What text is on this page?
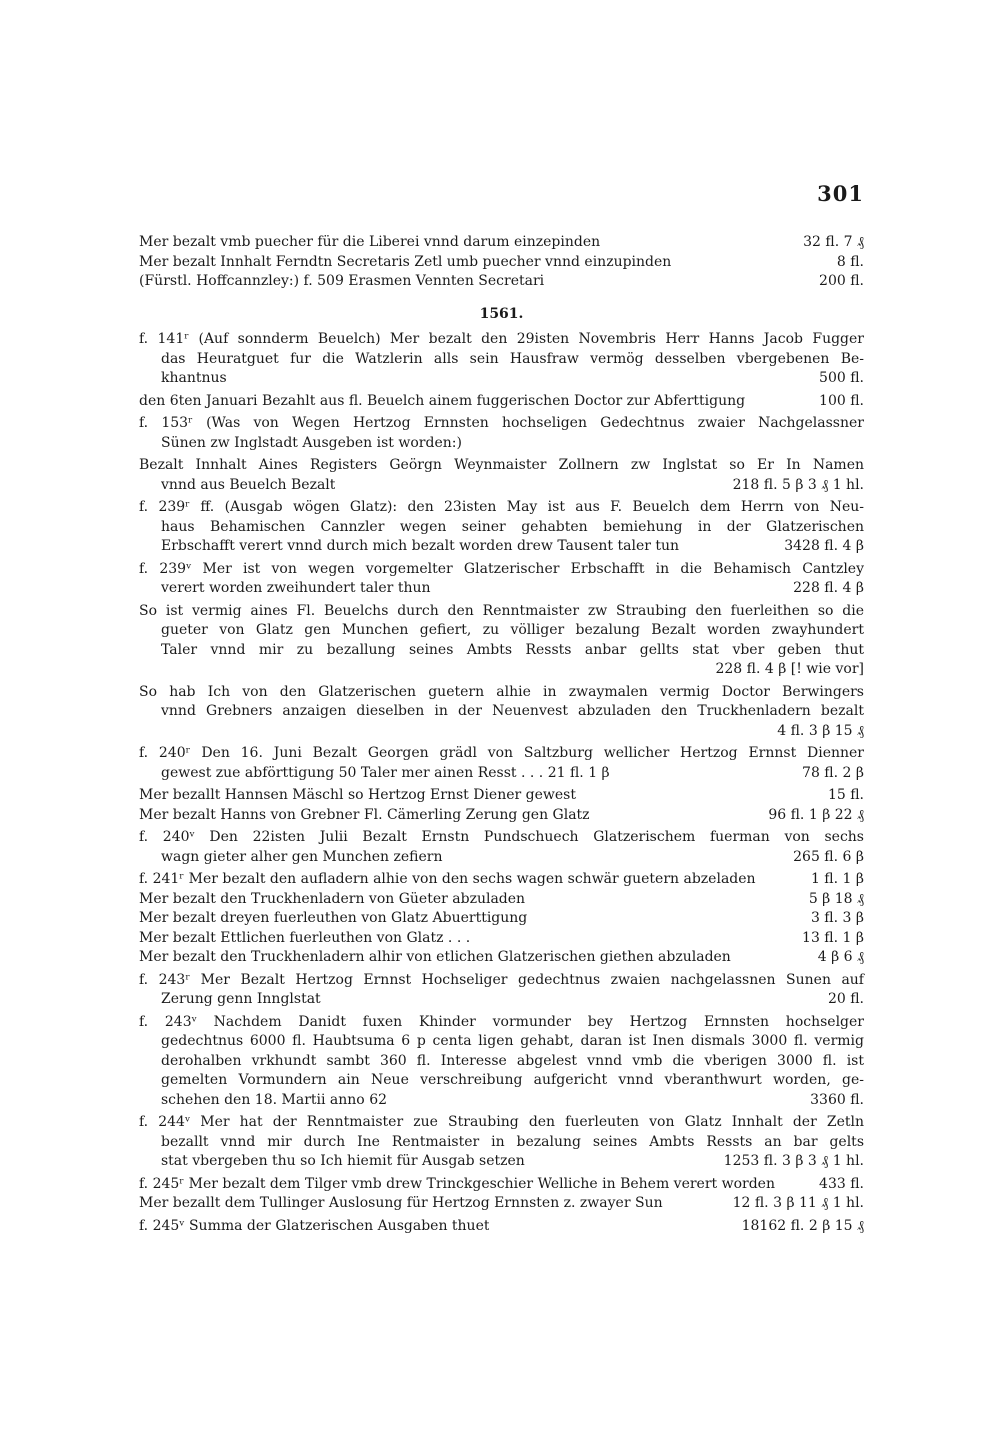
301
Mer bezalt vmb puecher für die Liberei vnnd darum einzepinden	32 fl. 7 ₰
Mer bezalt Innhalt Ferndtn Secretaris Zetl umb puecher vnnd einzupinden	8 fl.
(Fürstl. Hoffcannzley:) f. 509 Erasmen Vennten Secretari	200 fl.
1561.
f. 141ʳ (Auf sonnderm Beuelch) Mer bezalt den 29isten Novembris Herr Hanns Jacob Fugger
das Heuratguet fur die Watzlerin alls sein Hausfraw vermög desselben vbergebenen Be-
khantnus	500 fl.
den 6ten Januari Bezahlt aus fl. Beuelch ainem fuggerischen Doctor zur Abferttigung	100 fl.
f. 153ʳ (Was von Wegen Hertzog Ernnsten hochseligen Gedechtnus zwaier Nachgelassner
Sünen zw Inglstadt Ausgeben ist worden:)
Bezalt Innhalt Aines Registers Geörgn Weynmaister Zollnern zw Inglstat so Er In Namen
vnnd aus Beuelch Bezalt	218 fl. 5 β 3 ₰ 1 hl.
f. 239ʳ ff. (Ausgab wögen Glatz): den 23isten May ist aus F. Beuelch dem Herrn von Neu-
haus Behamischen Cannzler wegen seiner gehabten bemiehung in der Glatzerischen
Erbschafft verert vnnd durch mich bezalt worden drew Tausent taler tun	3428 fl. 4 β
f. 239ᵛ Mer ist von wegen vorgemelter Glatzerischer Erbschafft in die Behamisch Cantzley
verert worden zweihundert taler thun	228 fl. 4 β
So ist vermig aines Fl. Beuelchs durch den Renntmaister zw Straubing den fuerleithen so die
gueter von Glatz gen Munchen gefiert, zu völliger bezalung Bezalt worden zwayhundert
Taler vnnd mir zu bezallung seines Ambts Ressts anbar gellts stat vber geben thut
228 fl. 4 β [! wie vor]
So hab Ich von den Glatzerischen guetern alhie in zwaymalen vermig Doctor Berwingers
vnnd Grebners anzaigen dieselben in der Neuenvest abzuladen den Truckhenladern bezalt
4 fl. 3 β 15 ₰
f. 240ʳ Den 16. Juni Bezalt Georgen grädl von Saltzburg wellicher Hertzog Ernnst Dienner
gewest zue abförttigung 50 Taler mer ainen Resst . . . 21 fl. 1 β	78 fl. 2 β
Mer bezallt Hannsen Mäschl so Hertzog Ernst Diener gewest	15 fl.
Mer bezalt Hanns von Grebner Fl. Cämerling Zerung gen Glatz	96 fl. 1 β 22 ₰
f. 240ᵛ Den 22isten Julii Bezalt Ernstn Pundschuech Glatzerischem fuerman von sechs
wagn gieter alher gen Munchen zefiern	265 fl. 6 β
f. 241ʳ Mer bezalt den aufladern alhie von den sechs wagen schwär guetern abzeladen	1 fl. 1 β
Mer bezalt den Truckhenladern von Güeter abzuladen	5 β 18 ₰
Mer bezalt dreyen fuerleuthen von Glatz Abuerttigung	3 fl. 3 β
Mer bezalt Ettlichen fuerleuthen von Glatz . . .	13 fl. 1 β
Mer bezalt den Truckhenladern alhir von etlichen Glatzerischen giethen abzuladen	4 β 6 ₰
f. 243ʳ Mer Bezalt Hertzog Ernnst Hochseliger gedechtnus zwaien nachgelassnen Sunen auf
Zerung genn Innglstat	20 fl.
f. 243ᵛ Nachdem Danidt fuxen Khinder vormunder bey Hertzog Ernnsten hochselger
gedechtnus 6000 fl. Haubtsuma 6 p centa ligen gehabt, daran ist Inen dismals 3000 fl. vermig
derohalben vrkhundt sambt 360 fl. Interesse abgelest vnnd vmb die vberigen 3000 fl. ist
gemelten Vormundern ain Neue verschreibung aufgericht vnnd vberanthwurt worden, ge-
schehen den 18. Martii anno 62	3360 fl.
f. 244ᵛ Mer hat der Renntmaister zue Straubing den fuerleuten von Glatz Innhalt der Zetln
bezallt vnnd mir durch Ine Rentmaister in bezalung seines Ambts Ressts an bar gelts
stat vbergeben thu so Ich hiemit für Ausgab setzen	1253 fl. 3 β 3 ₰ 1 hl.
f. 245ʳ Mer bezalt dem Tilger vmb drew Trinckgeschier Welliche in Behem verert worden	433 fl.
Mer bezallt dem Tullinger Auslosung für Hertzog Ernnsten z. zwayer Sun	12 fl. 3 β 11 ₰ 1 hl.
f. 245ᵛ Summa der Glatzerischen Ausgaben thuet	18162 fl. 2 β 15 ₰
